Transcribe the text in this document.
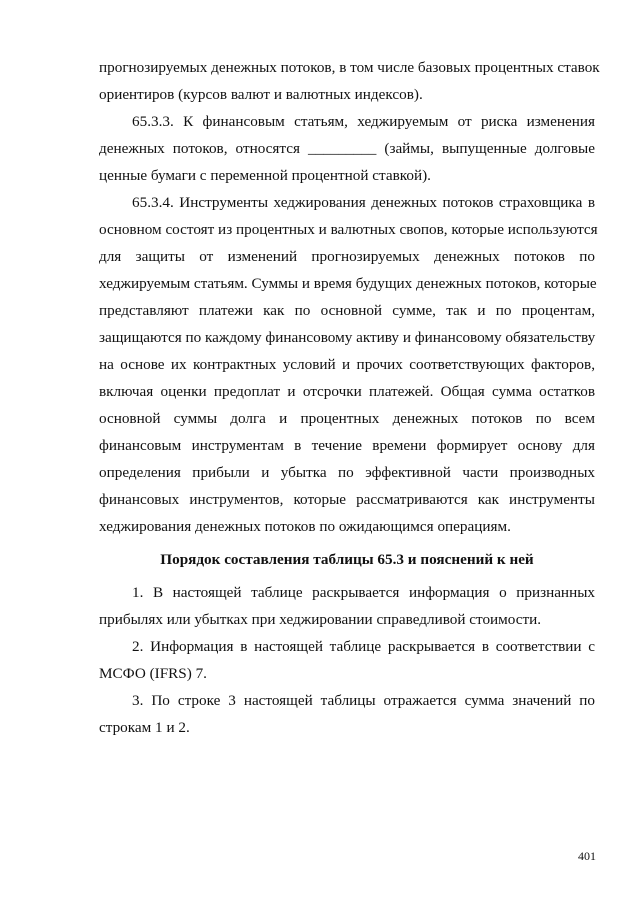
прогнозируемых денежных потоков, в том числе базовых процентных ставок

ориентиров (курсов валют и валютных индексов).

65.3.3. К финансовым статьям, хеджируемым от риска изменения

денежных потоков, относятся _________ (займы, выпущенные долговые

ценные бумаги с переменной процентной ставкой).

65.3.4. Инструменты хеджирования денежных потоков страховщика в

основном состоят из процентных и валютных свопов, которые используются

для защиты от изменений прогнозируемых денежных потоков по

хеджируемым статьям. Суммы и время будущих денежных потоков, которые

представляют платежи как по основной сумме, так и по процентам,

защищаются по каждому финансовому активу и финансовому обязательству

на основе их контрактных условий и прочих соответствующих факторов,

включая оценки предоплат и отсрочки платежей. Общая сумма остатков

основной суммы долга и процентных денежных потоков по всем

финансовым инструментам в течение времени формирует основу для

определения прибыли и убытка по эффективной части производных

финансовых инструментов, которые рассматриваются как инструменты

хеджирования денежных потоков по ожидающимся операциям.

Порядок составления таблицы 65.3 и пояснений к ней

1. В настоящей таблице раскрывается информация о признанных

прибылях или убытках при хеджировании справедливой стоимости.

2. Информация в настоящей таблице раскрывается в соответствии с

МСФО (IFRS) 7.

3. По строке 3 настоящей таблицы отражается сумма значений по

строкам 1 и 2.

401
